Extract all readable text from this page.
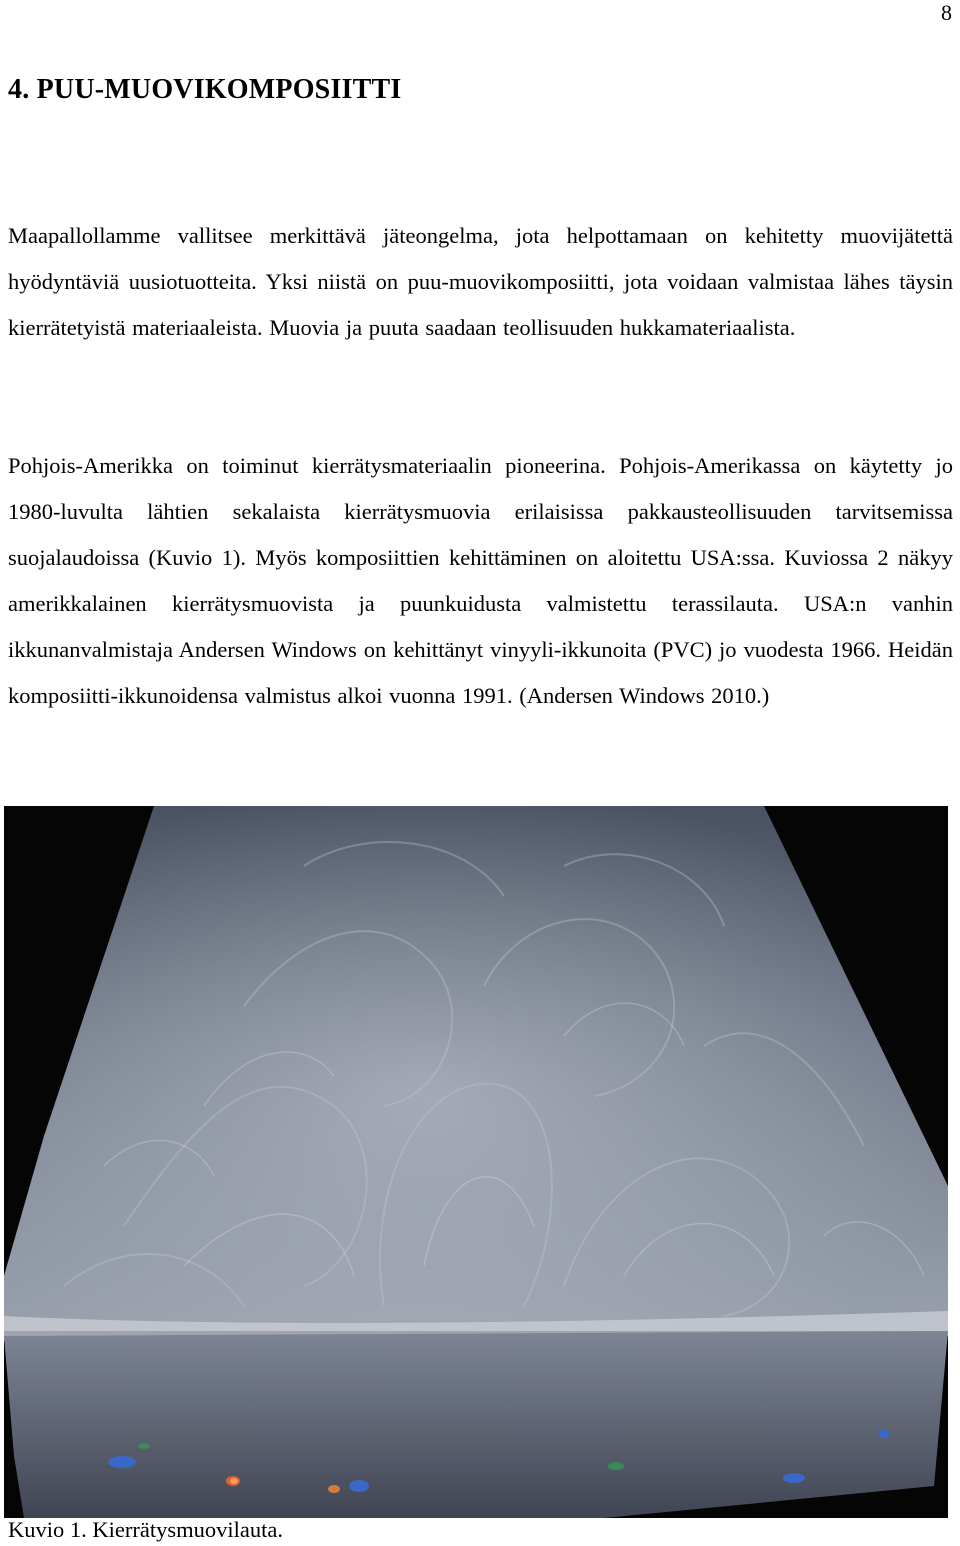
8
4. PUU-MUOVIKOMPOSIITTI

Maapallollamme vallitsee merkittävä jäteongelma, jota helpottamaan on kehitetty muovijätettä hyödyntäviä uusiotuotteita. Yksi niistä on puu-muovikomposiitti, jota voidaan valmistaa lähes täysin kierrätetyistä materiaaleista. Muovia ja puuta saadaan teollisuuden hukkamateriaalista.

Pohjois-Amerikka on toiminut kierrätysmateriaalin pioneerina. Pohjois-Amerikassa on käytetty jo 1980-luvulta lähtien sekalaista kierrätysmuovia erilaisissa pakkausteollisuuden tarvitsemissa suojalaudoissa (Kuvio 1). Myös komposiittien kehittäminen on aloitettu USA:ssa. Kuviossa 2 näkyy amerikkalainen kierrätysmuovista ja puunkuidusta valmistettu terassilauta. USA:n vanhin ikkunanvalmistaja Andersen Windows on kehittänyt vinyyli-ikkunoita (PVC) jo vuodesta 1966. Heidän komposiitti-ikkunoidensa valmistus alkoi vuonna 1991. (Andersen Windows 2010.)

Kuvio 1. Kierrätysmuovilauta.
